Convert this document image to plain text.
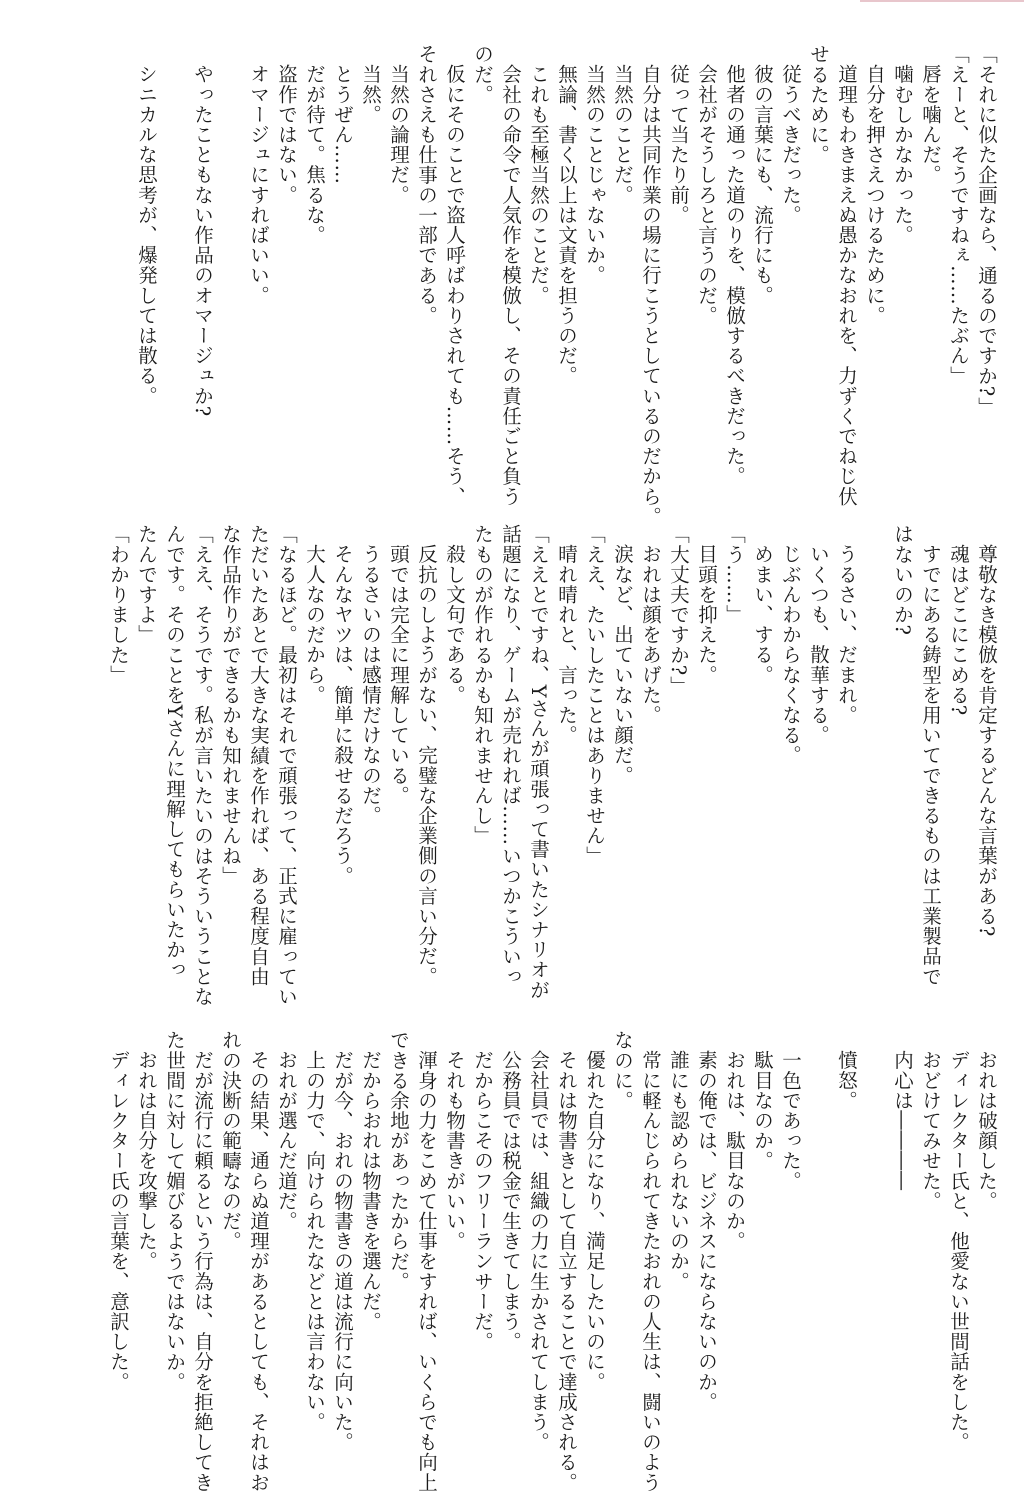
「それに似た企画なら、通るのですか?」

「えーと、そうですねぇ……たぶん」

唇を噛んだ。

噛むしかなかった。

自分を押さえつけるために。

道理もわきまえぬ愚かなおれを、力ずくでねじ伏

せるために。

従うべきだった。

彼の言葉にも、流行にも。

他者の通った道のりを、模倣するべきだった。

会社がそうしろと言うのだ。

従って当たり前。

自分は共同作業の場に行こうとしているのだから。

当然のことだ。

当然のことじゃないか。

無論、書く以上は文責を担うのだ。

これも至極当然のことだ。

会社の命令で人気作を模倣し、その責任ごと負う

のだ。

仮にそのことで盗人呼ばわりされても……そう、

それさえも仕事の一部である。

当然の論理だ。

当然。

とうぜん……

だが待て。焦るな。

盗作ではない。

オマージュにすればいい。

やったこともない作品のオマージュか?

シニカルな思考が、爆発しては散る。

尊敬なき模倣を肯定するどんな言葉がある?

魂はどこにこめる?

すでにある鋳型を用いてできるものは工業製品で

はないのか?

うるさい、だまれ。

いくつも、散華する。

じぶんわからなくなる。

めまい、する。

「う……」

目頭を抑えた。

「大丈夫ですか?」

おれは顔をあげた。

涙など、出ていない顔だ。

「ええ、たいしたことはありません」

晴れ晴れと、言った。

「ええとですね、Yさんが頑張って書いたシナリオが

話題になり、ゲームが売れれば……いつかこういっ

たものが作れるかも知れませんし」

殺し文句である。

反抗のしようがない、完璧な企業側の言い分だ。

頭では完全に理解している。

うるさいのは感情だけなのだ。

そんなヤツは、簡単に殺せるだろう。

大人なのだから。

「なるほど。最初はそれで頑張って、正式に雇ってい

ただいたあとで大きな実績を作れば、ある程度自由

な作品作りができるかも知れませんね」

「ええ、そうです。私が言いたいのはそういうことな

んです。そのことをYさんに理解してもらいたかっ

たんですよ」

「わかりました」

おれは破顔した。

ディレクター氏と、他愛ない世間話をした。

おどけてみせた。

内心は――――

憤怒。

一色であった。

駄目なのか。

おれは、駄目なのか。

素の俺では、ビジネスにならないのか。

誰にも認められないのか。

常に軽んじられてきたおれの人生は、闘いのよう

なのに。

優れた自分になり、満足したいのに。

それは物書きとして自立することで達成される。

会社員では、組織の力に生かされてしまう。

公務員では税金で生きてしまう。

だからこそのフリーランサーだ。

それも物書きがいい。

渾身の力をこめて仕事をすれば、いくらでも向上

できる余地があったからだ。

だからおれは物書きを選んだ。

だが今、おれの物書きの道は流行に向いた。

上の力で、向けられたなどとは言わない。

おれが選んだ道だ。

その結果、通らぬ道理があるとしても、それはお

れの決断の範疇なのだ。

だが流行に頼るという行為は、自分を拒絶してき

た世間に対して媚びるようではないか。

おれは自分を攻撃した。

ディレクター氏の言葉を、意訳した。
